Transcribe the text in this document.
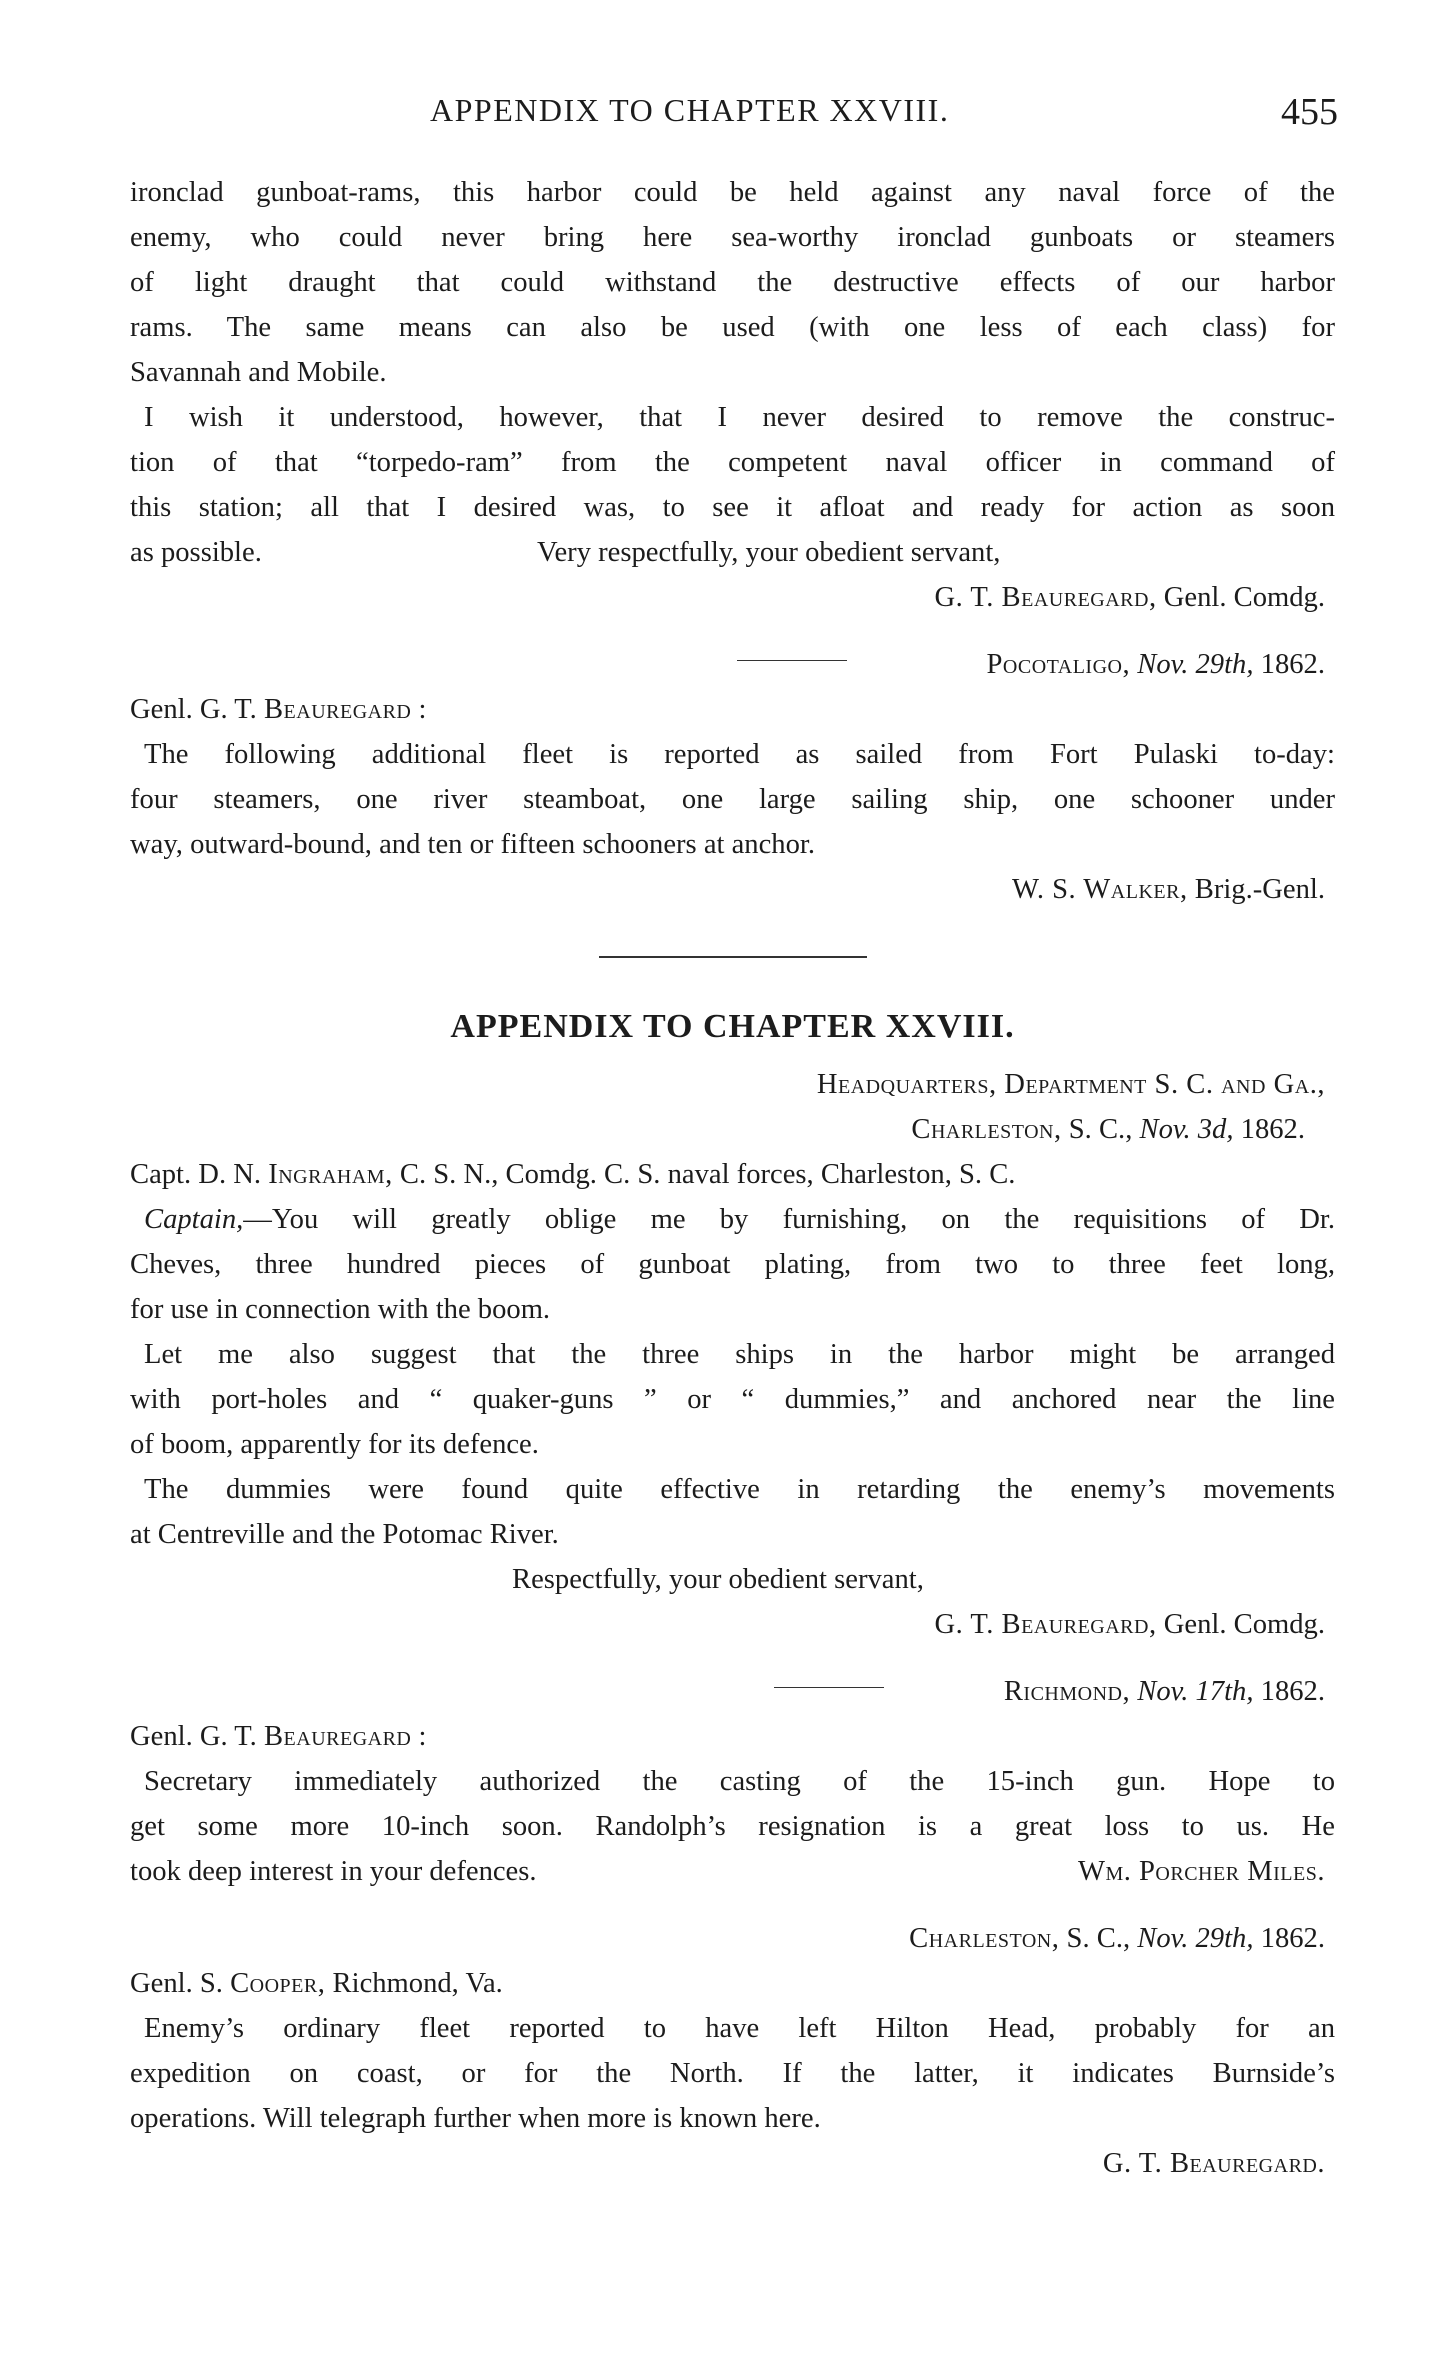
APPENDIX TO CHAPTER XXVIII.	455

ironclad gunboat-rams, this harbor could be held against any naval force of the

enemy, who could never bring here sea-worthy ironclad gunboats or steamers

of light draught that could withstand the destructive effects of our harbor

rams. The same means can also be used (with one less of each class) for

Savannah and Mobile.

I wish it understood, however, that I never desired to remove the construc-

tion of that “torpedo-ram” from the competent naval officer in command of

this station; all that I desired was, to see it afloat and ready for action as soon

as possible.	Very respectfully, your obedient servant,

G. T. Beauregard, Genl. Comdg.

Pocotaligo,
Nov. 29th,
1862.

Genl. G. T. Beauregard :

The following additional fleet is reported as sailed from Fort Pulaski to-day:

four steamers, one river steamboat, one large sailing ship, one schooner under

way, outward-bound, and ten or fifteen schooners at anchor.

W. S. Walker, Brig.-Genl.

APPENDIX TO CHAPTER XXVIII.

Headquarters, Department S. C. and Ga.,

Charleston, S. C., Nov. 3d, 1862.

Capt. D. N. Ingraham, C. S. N., Comdg. C. S. naval forces, Charleston, S. C.

Captain,—You will greatly oblige me by furnishing, on the requisitions of Dr.

Cheves, three hundred pieces of gunboat plating, from two to three feet long,

for use in connection with the boom.

Let me also suggest that the three ships in the harbor might be arranged

with port-holes and “ quaker-guns ” or “ dummies,” and anchored near the line

of boom, apparently for its defence.

The dummies were found quite effective in retarding the enemy’s movements

at Centreville and the Potomac River.

Respectfully, your obedient servant,

G. T. Beauregard, Genl. Comdg.

Richmond,
Nov. 17th,
1862.

Genl. G. T. Beauregard :

Secretary immediately authorized the casting of the 15-inch gun. Hope to

get some more 10-inch soon. Randolph’s resignation is a great loss to us. He

took deep interest in your defences.	Wm. Porcher Miles.

Charleston, S. C., Nov. 29th, 1862.

Genl. S. Cooper, Richmond, Va.

Enemy’s ordinary fleet reported to have left Hilton Head, probably for an

expedition on coast, or for the North. If the latter, it indicates Burnside’s

operations. Will telegraph further when more is known here.

G. T. Beauregard.
